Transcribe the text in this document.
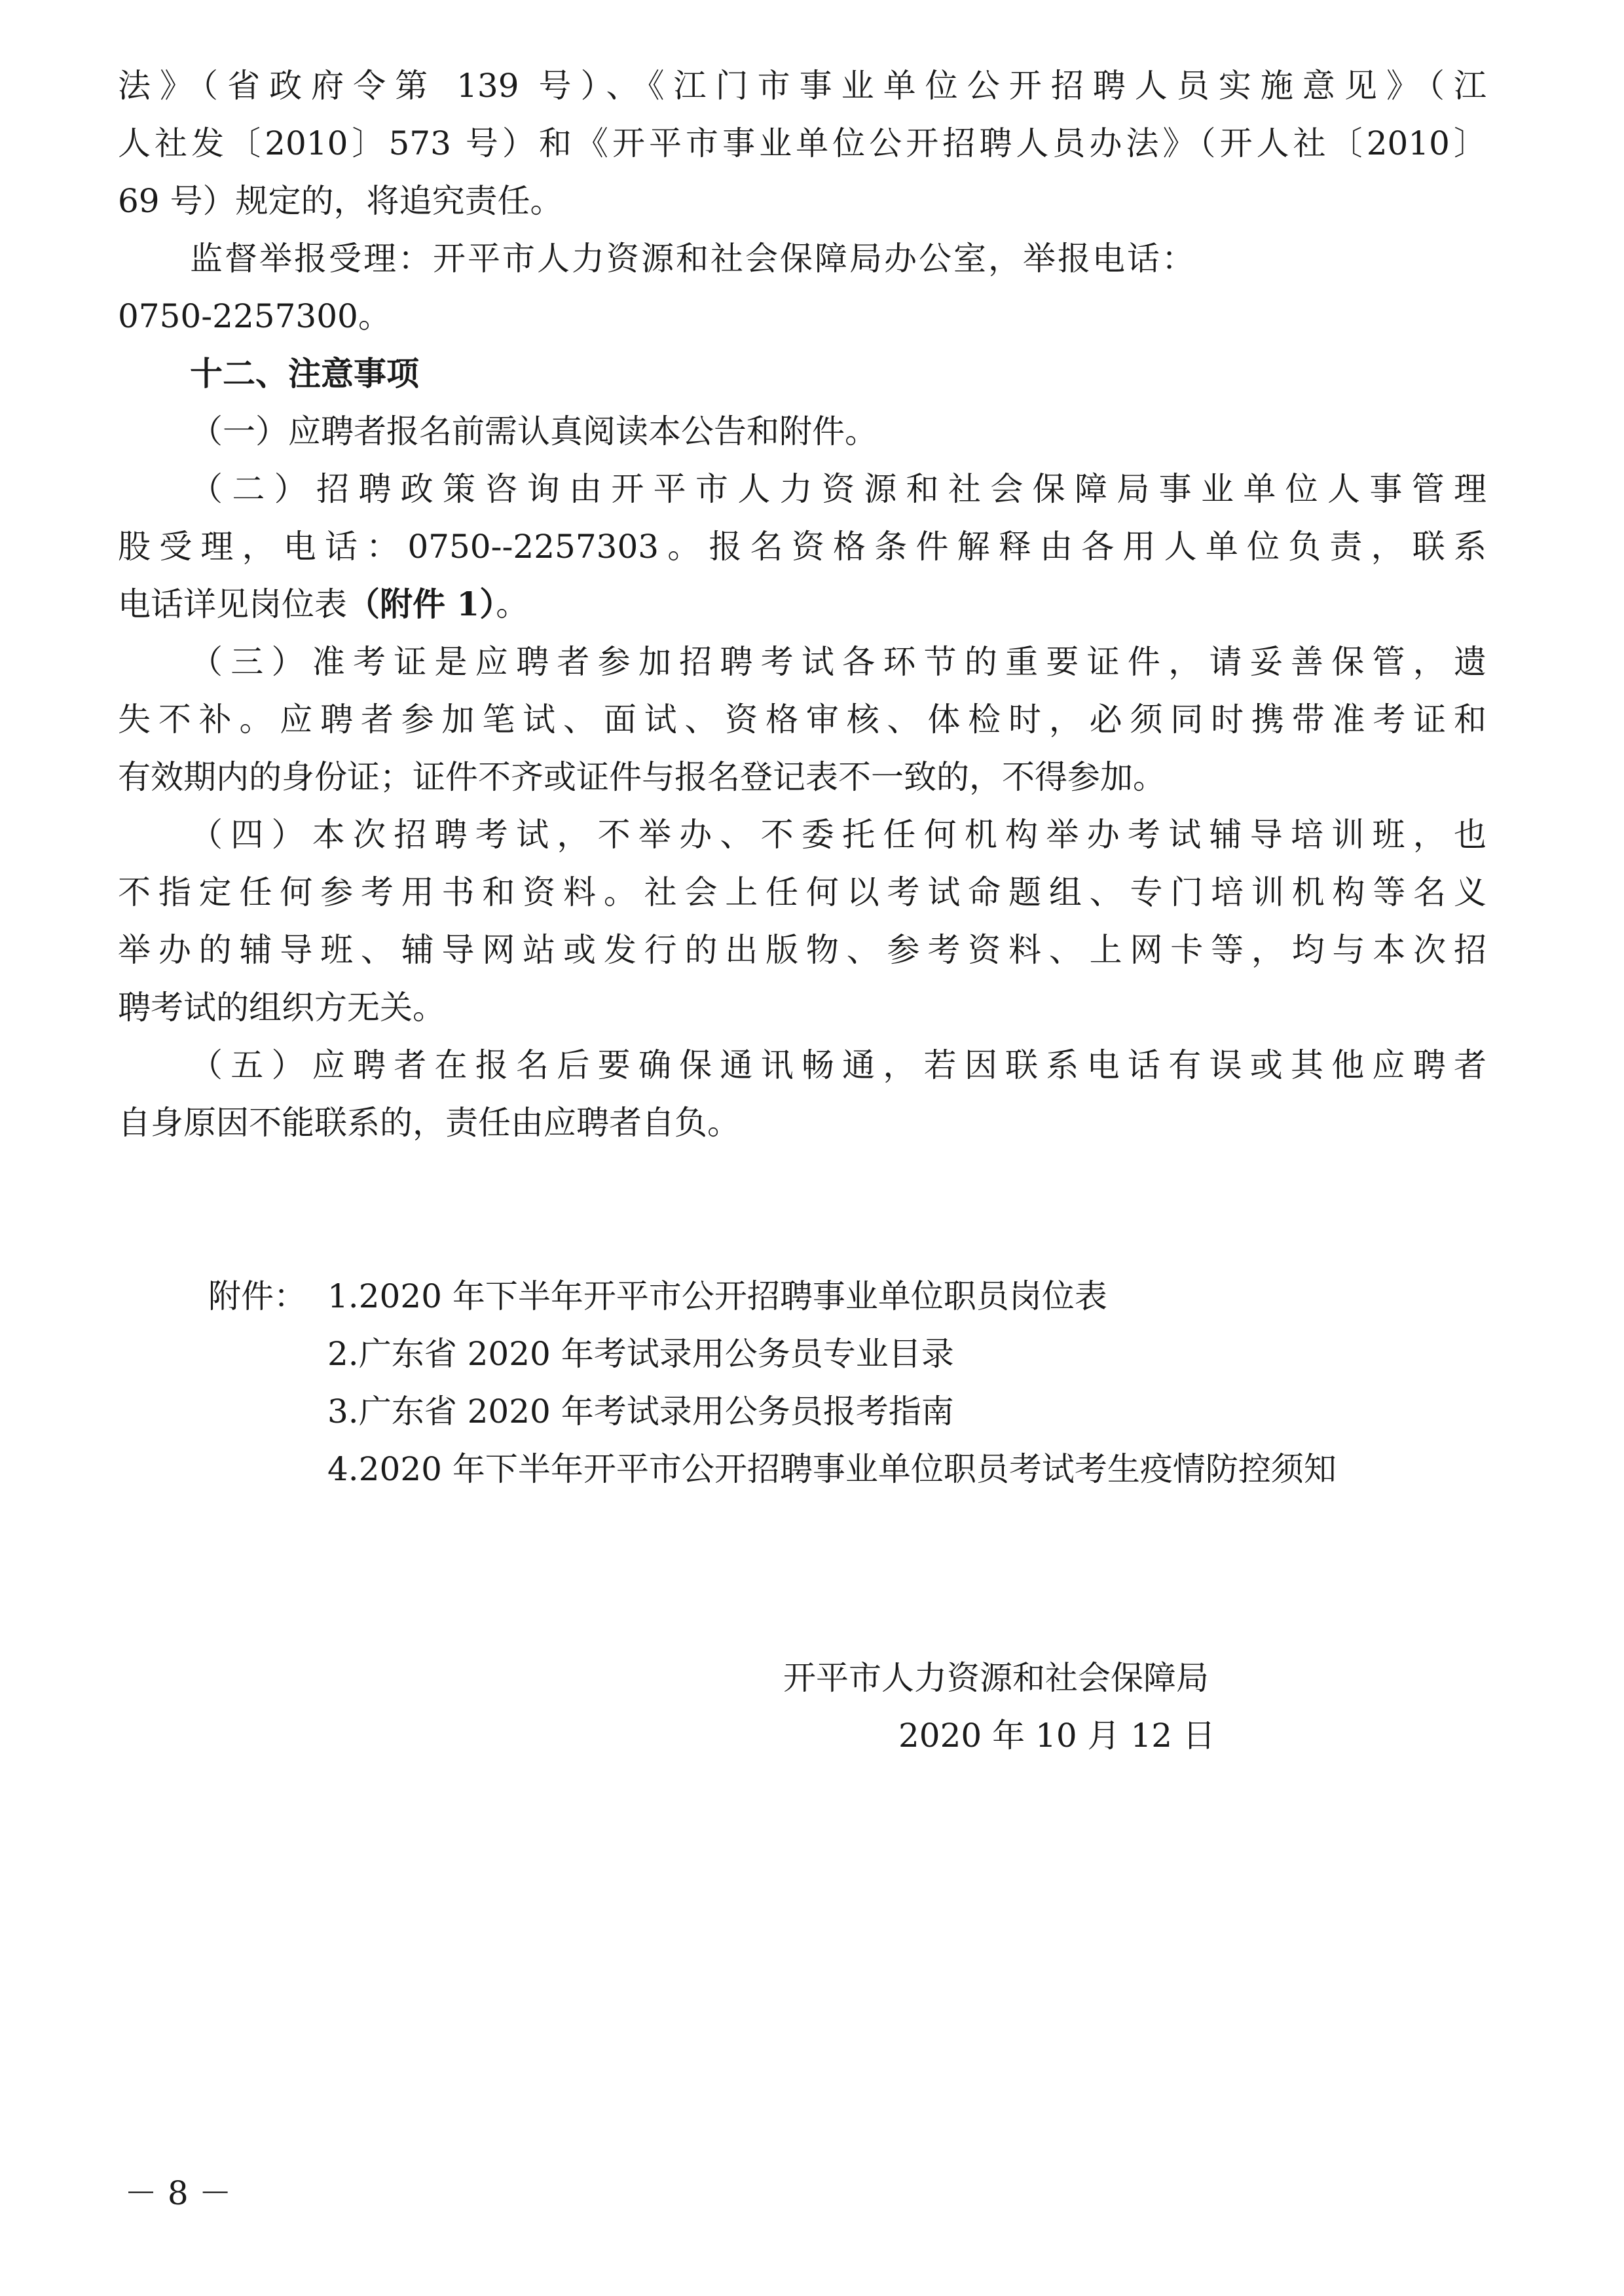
法》（省政府令第 139 号）、《江门市事业单位公开招聘人员实施意见》（江
人社发〔2010〕573 号）和《开平市事业单位公开招聘人员办法》（开人社〔2010〕
69 号）规定的，将追究责任。
监督举报受理：开平市人力资源和社会保障局办公室，举报电话：
0750-2257300。
十二、注意事项
（一）应聘者报名前需认真阅读本公告和附件。
（二）招聘政策咨询由开平市人力资源和社会保障局事业单位人事管理
股受理，电话：0750--2257303。报名资格条件解释由各用人单位负责，联系
电话详见岗位表（附件 1）。
（三）准考证是应聘者参加招聘考试各环节的重要证件，请妥善保管，遗
失不补。应聘者参加笔试、面试、资格审核、体检时，必须同时携带准考证和
有效期内的身份证；证件不齐或证件与报名登记表不一致的，不得参加。
（四）本次招聘考试，不举办、不委托任何机构举办考试辅导培训班，也
不指定任何参考用书和资料。社会上任何以考试命题组、专门培训机构等名义
举办的辅导班、辅导网站或发行的出版物、参考资料、上网卡等，均与本次招
聘考试的组织方无关。
（五）应聘者在报名后要确保通讯畅通，若因联系电话有误或其他应聘者
自身原因不能联系的，责任由应聘者自负。
附件： 1.2020 年下半年开平市公开招聘事业单位职员岗位表
2.广东省 2020 年考试录用公务员专业目录
3.广东省 2020 年考试录用公务员报考指南
4.2020 年下半年开平市公开招聘事业单位职员考试考生疫情防控须知
开平市人力资源和社会保障局
2020 年 10 月 12 日
－ 8 －
